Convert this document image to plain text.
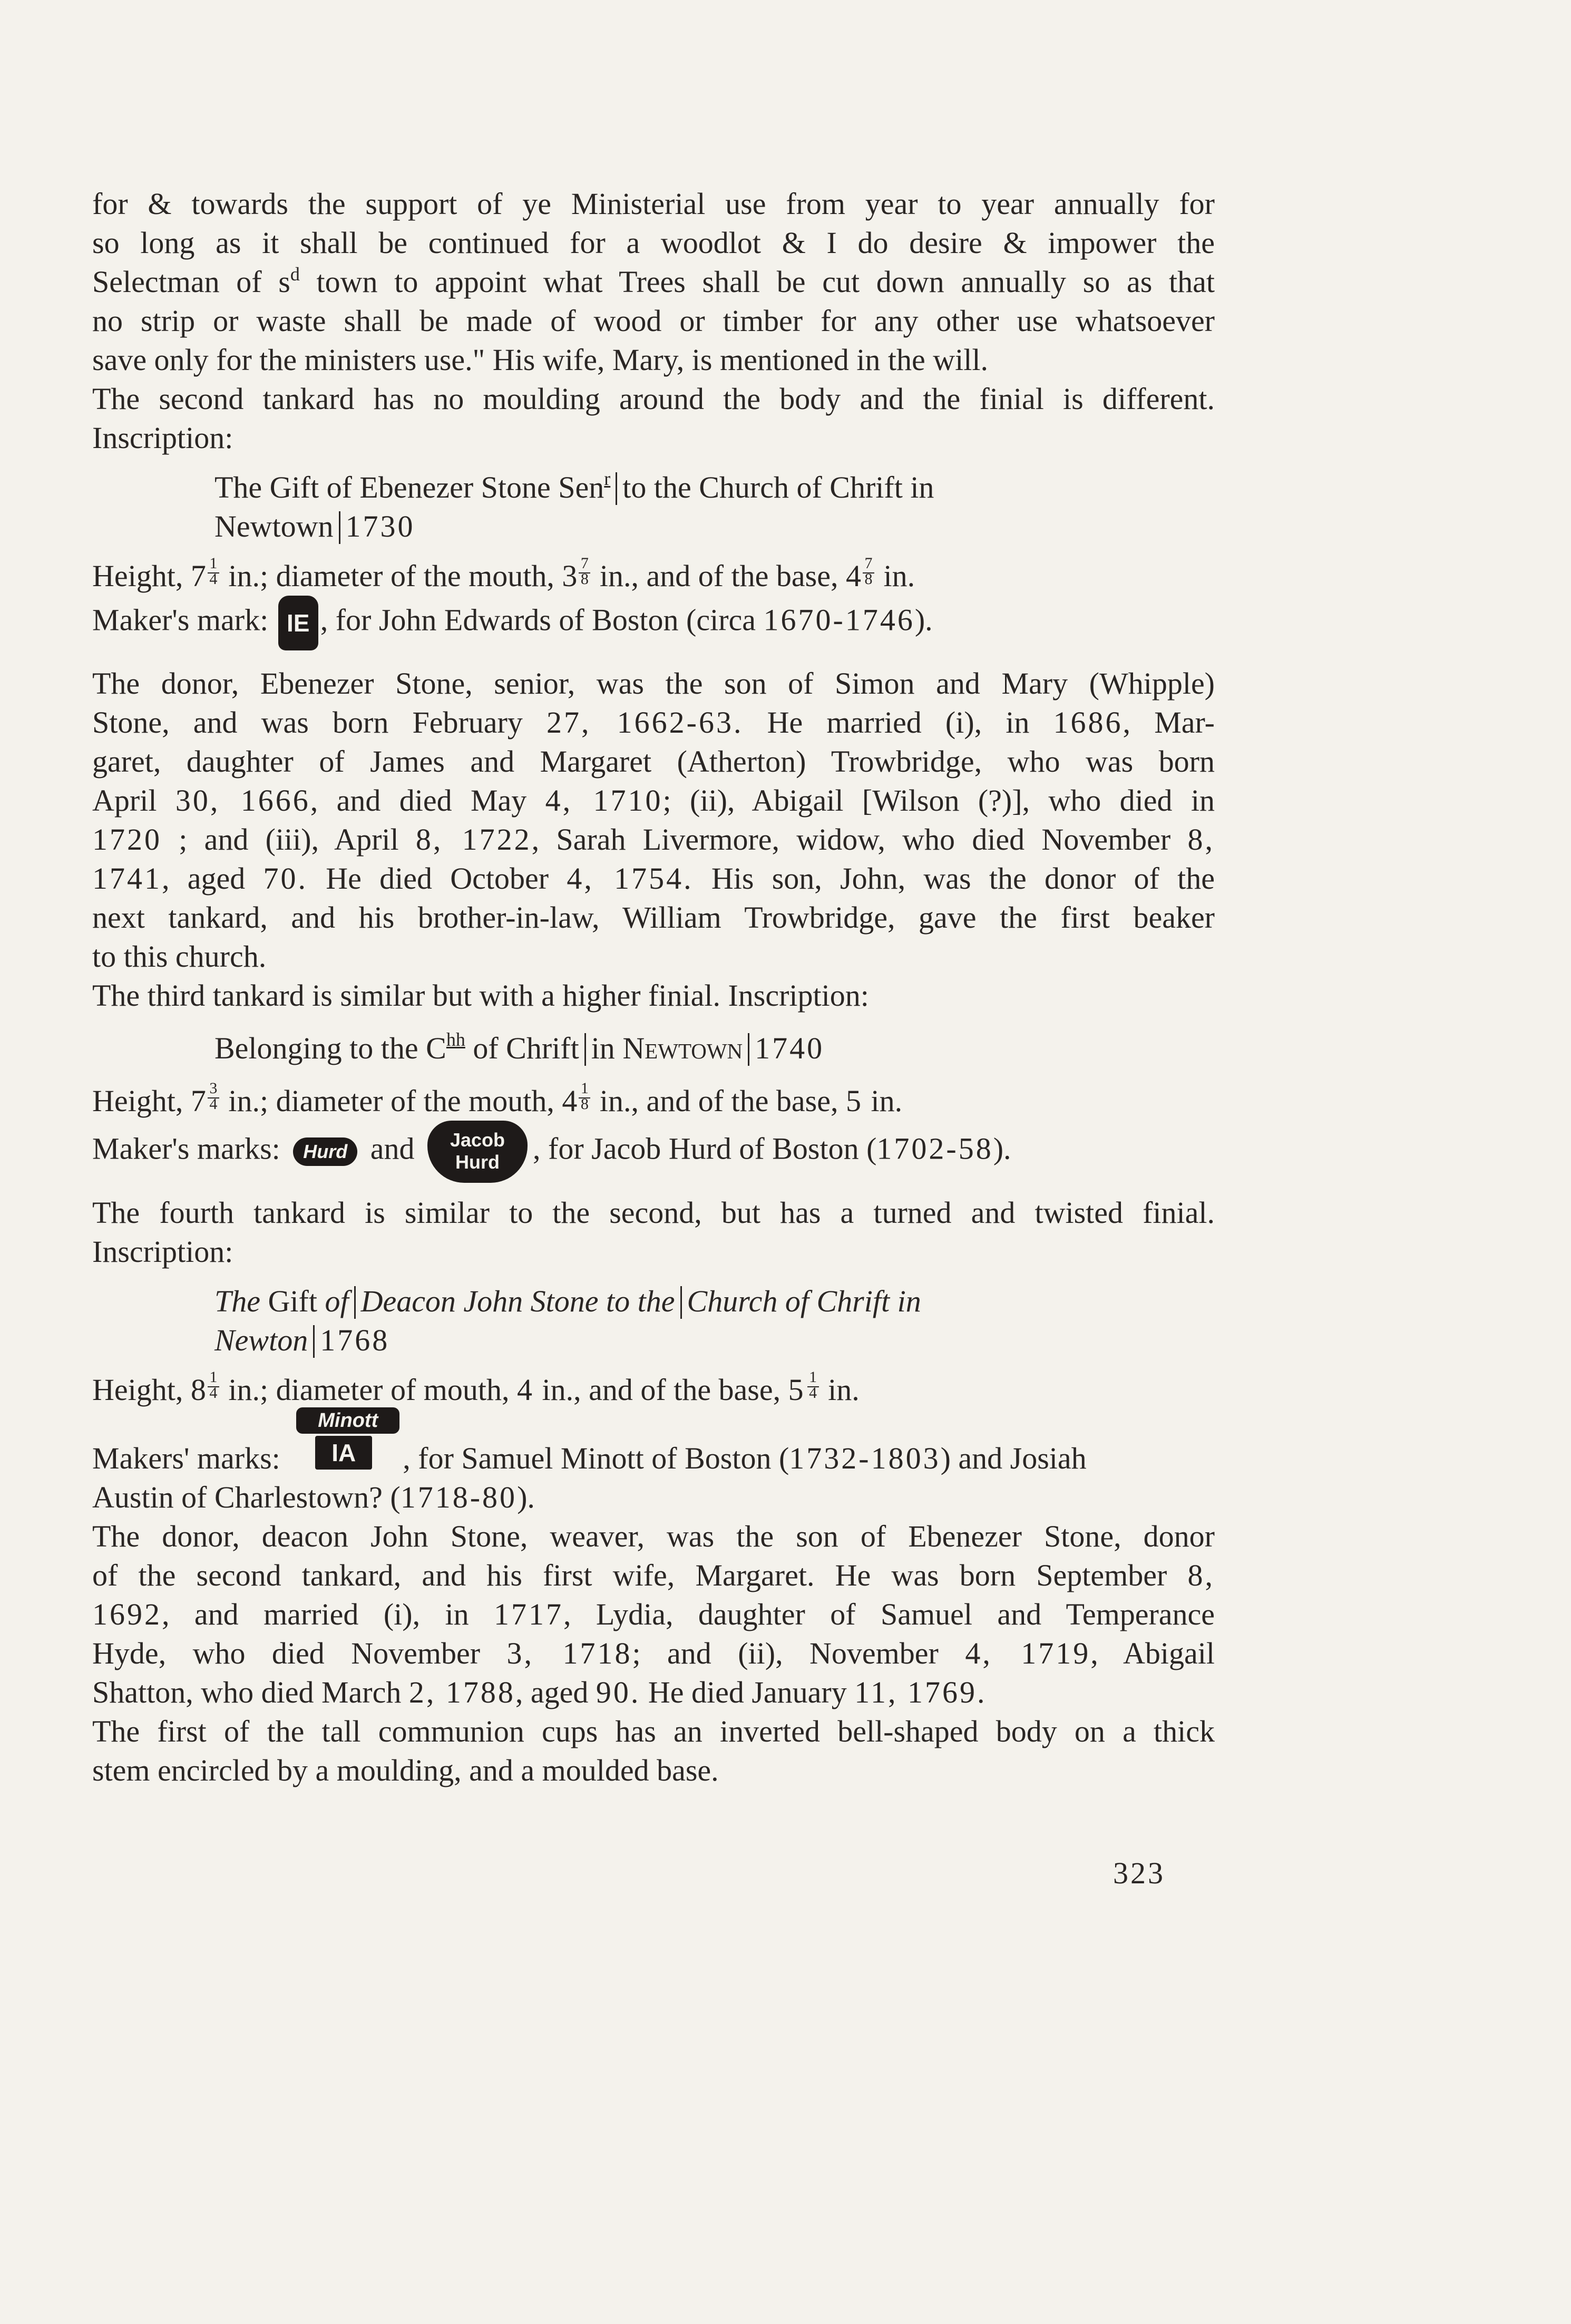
for & towards the support of ye Ministerial use from year to year annually for
so long as it shall be continued for a woodlot & I do desire & impower the
Selectman of $s^d$ town to appoint what Trees shall be cut down annually so as that
no strip or waste shall be made of wood or timber for any other use whatsoever
save only for the ministers use." His wife, Mary, is mentioned in the will.
The second tankard has no moulding around the body and the finial is different.
Inscription:
The Gift of Ebenezer Stone Sen$^r$ to the Church of Chrift in
Newtown 1730
Height, $7 \frac{1}{4}$ in.; diameter of the mouth, $3 \frac{7}{8}$ in., and of the base, $4 \frac{7}{8}$ in.
Maker's mark: IE , for John Edwards of Boston (circa 1670-1746).
The donor, Ebenezer Stone, senior, was the son of Simon and Mary (Whipple)
Stone, and was born February 27, 1662-63. He married (i), in 1686, Mar-
garet, daughter of James and Margaret (Atherton) Trowbridge, who was born
April 30, 1666, and died May 4, 1710; (ii), Abigail [Wilson (?)], who died in
1720 ; and (iii), April 8, 1722, Sarah Livermore, widow, who died November 8,
1741, aged 70. He died October 4, 1754. His son, John, was the donor of the
next tankard, and his brother-in-law, William Trowbridge, gave the first beaker
to this church.
The third tankard is similar but with a higher finial. Inscription:
Belonging to the $C^{hh}$ of Chrift in Newtown 1740
Height, $7 \frac{3}{4}$ in.; diameter of the mouth, $4 \frac{1}{8}$ in., and of the base, 5 in.
Maker's marks: Hurd and	Jacob
Hurd	, for Jacob Hurd of Boston (1702-58).
The fourth tankard is similar to the second, but has a turned and twisted finial.
Inscription:
The Gift of Deacon John Stone to the Church of Chrift in
Newton 1768
Height, $8 \frac{1}{4}$ in.; diameter of mouth, 4 in., and of the base, $5 \frac{1}{4}$ in.
Makers' marks:
Minott
IA	, for Samuel Minott of Boston (1732-1803) and Josiah
Austin of Charlestown? (1718-80).
The donor, deacon John Stone, weaver, was the son of Ebenezer Stone, donor
of the second tankard, and his first wife, Margaret. He was born September 8,
1692, and married (i), in 1717, Lydia, daughter of Samuel and Temperance
Hyde, who died November 3, 1718; and (ii), November 4, 1719, Abigail
Shatton, who died March 2, 1788, aged 90. He died January 11, 1769.
The first of the tall communion cups has an inverted bell-shaped body on a thick
stem encircled by a moulding, and a moulded base.
323
